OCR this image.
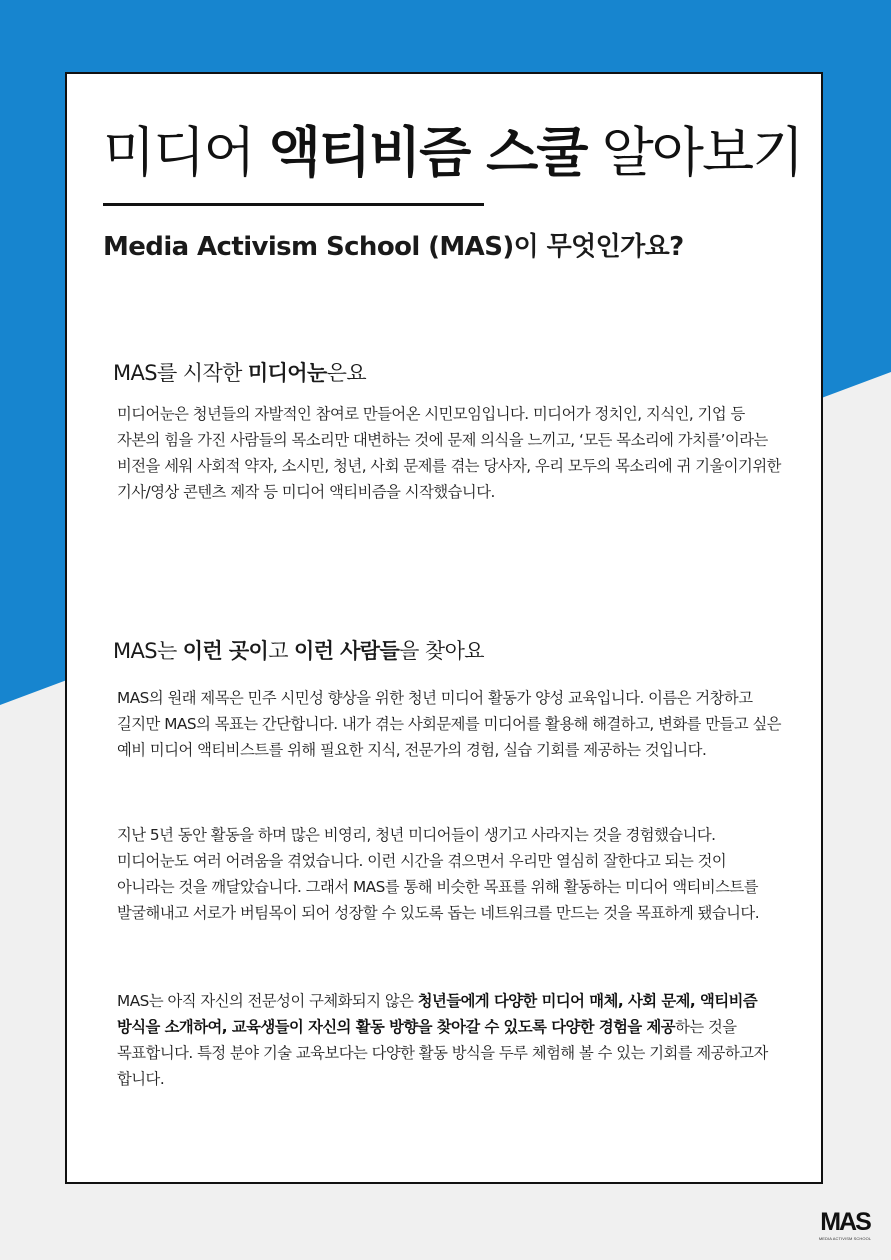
미디어 액티비즘 스쿨 알아보기
Media Activism School (MAS)이 무엇인가요?
MAS를 시작한 미디어눈은요

미디어눈은 청년들의 자발적인 참여로 만들어온 시민모임입니다. 미디어가 정치인, 지식인, 기업 등 자본의 힘을 가진 사람들의 목소리만 대변하는 것에 문제 의식을 느끼고, ‘모든 목소리에 가치를’이라는 비전을 세워 사회적 약자, 소시민, 청년, 사회 문제를 겪는 당사자, 우리 모두의 목소리에 귀 기울이기위한 기사/영상 콘텐츠 제작 등 미디어 액티비즘을 시작했습니다.

MAS는 이런 곳이고 이런 사람들을 찾아요

MAS의 원래 제목은 민주 시민성 향상을 위한 청년 미디어 활동가 양성 교육입니다. 이름은 거창하고 길지만 MAS의 목표는 간단합니다. 내가 겪는 사회문제를 미디어를 활용해 해결하고, 변화를 만들고 싶은 예비 미디어 액티비스트를 위해 필요한 지식, 전문가의 경험, 실습 기회를 제공하는 것입니다.

지난 5년 동안 활동을 하며 많은 비영리, 청년 미디어들이 생기고 사라지는 것을 경험했습니다. 미디어눈도 여러 어려움을 겪었습니다. 이런 시간을 겪으면서 우리만 열심히 잘한다고 되는 것이 아니라는 것을 깨달았습니다. 그래서 MAS를 통해 비슷한 목표를 위해 활동하는 미디어 액티비스트를 발굴해내고 서로가 버팀목이 되어 성장할 수 있도록 돕는 네트워크를 만드는 것을 목표하게 됐습니다.

MAS는 아직 자신의 전문성이 구체화되지 않은 청년들에게 다양한 미디어 매체, 사회 문제, 액티비즘 방식을 소개하여, 교육생들이 자신의 활동 방향을 찾아갈 수 있도록 다양한 경험을 제공하는 것을 목표합니다. 특정 분야 기술 교육보다는 다양한 활동 방식을 두루 체험해 볼 수 있는 기회를 제공하고자 합니다.

MAS
MEDIA ACTIVISM SCHOOL
